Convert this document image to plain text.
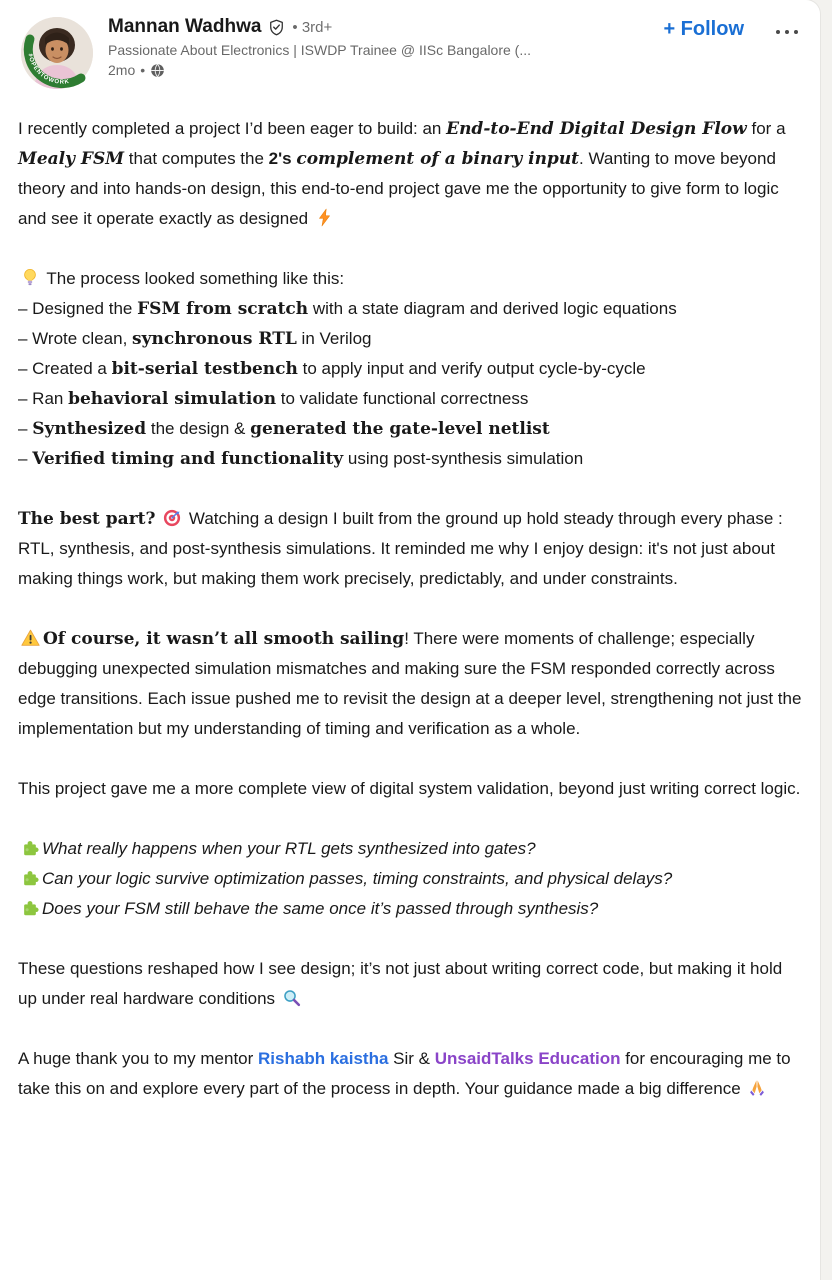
#OPENTOWORK
Mannan Wadhwa • 3rd+
Passionate About Electronics | ISWDP Trainee @ IISc Bangalore (...
2mo •
+ Follow
I recently completed a project I’d been eager to build: an End-to-End Digital Design Flow for a Mealy FSM that computes the 2's complement of a binary input. Wanting to move beyond theory and into hands-on design, this end-to-end project gave me the opportunity to give form to logic and see it operate exactly as designed
The process looked something like this:
– Designed the FSM from scratch with a state diagram and derived logic equations
– Wrote clean, synchronous RTL in Verilog
– Created a bit-serial testbench to apply input and verify output cycle-by-cycle
– Ran behavioral simulation to validate functional correctness
– Synthesized the design & generated the gate-level netlist
– Verified timing and functionality using post-synthesis simulation
The best part?  Watching a design I built from the ground up hold steady through every phase : RTL, synthesis, and post-synthesis simulations. It reminded me why I enjoy design: it's not just about making things work, but making them work precisely, predictably, and under constraints.
Of course, it wasn’t all smooth sailing! There were moments of challenge; especially debugging unexpected simulation mismatches and making sure the FSM responded correctly across edge transitions. Each issue pushed me to revisit the design at a deeper level, strengthening not just the implementation but my understanding of timing and verification as a whole.
This project gave me a more complete view of digital system validation, beyond just writing correct logic.
What really happens when your RTL gets synthesized into gates?
Can your logic survive optimization passes, timing constraints, and physical delays?
Does your FSM still behave the same once it’s passed through synthesis?
These questions reshaped how I see design; it’s not just about writing correct code, but making it hold up under real hardware conditions
A huge thank you to my mentor Rishabh kaistha Sir & UnsaidTalks Education for encouraging me to take this on and explore every part of the process in depth. Your guidance made a big difference
